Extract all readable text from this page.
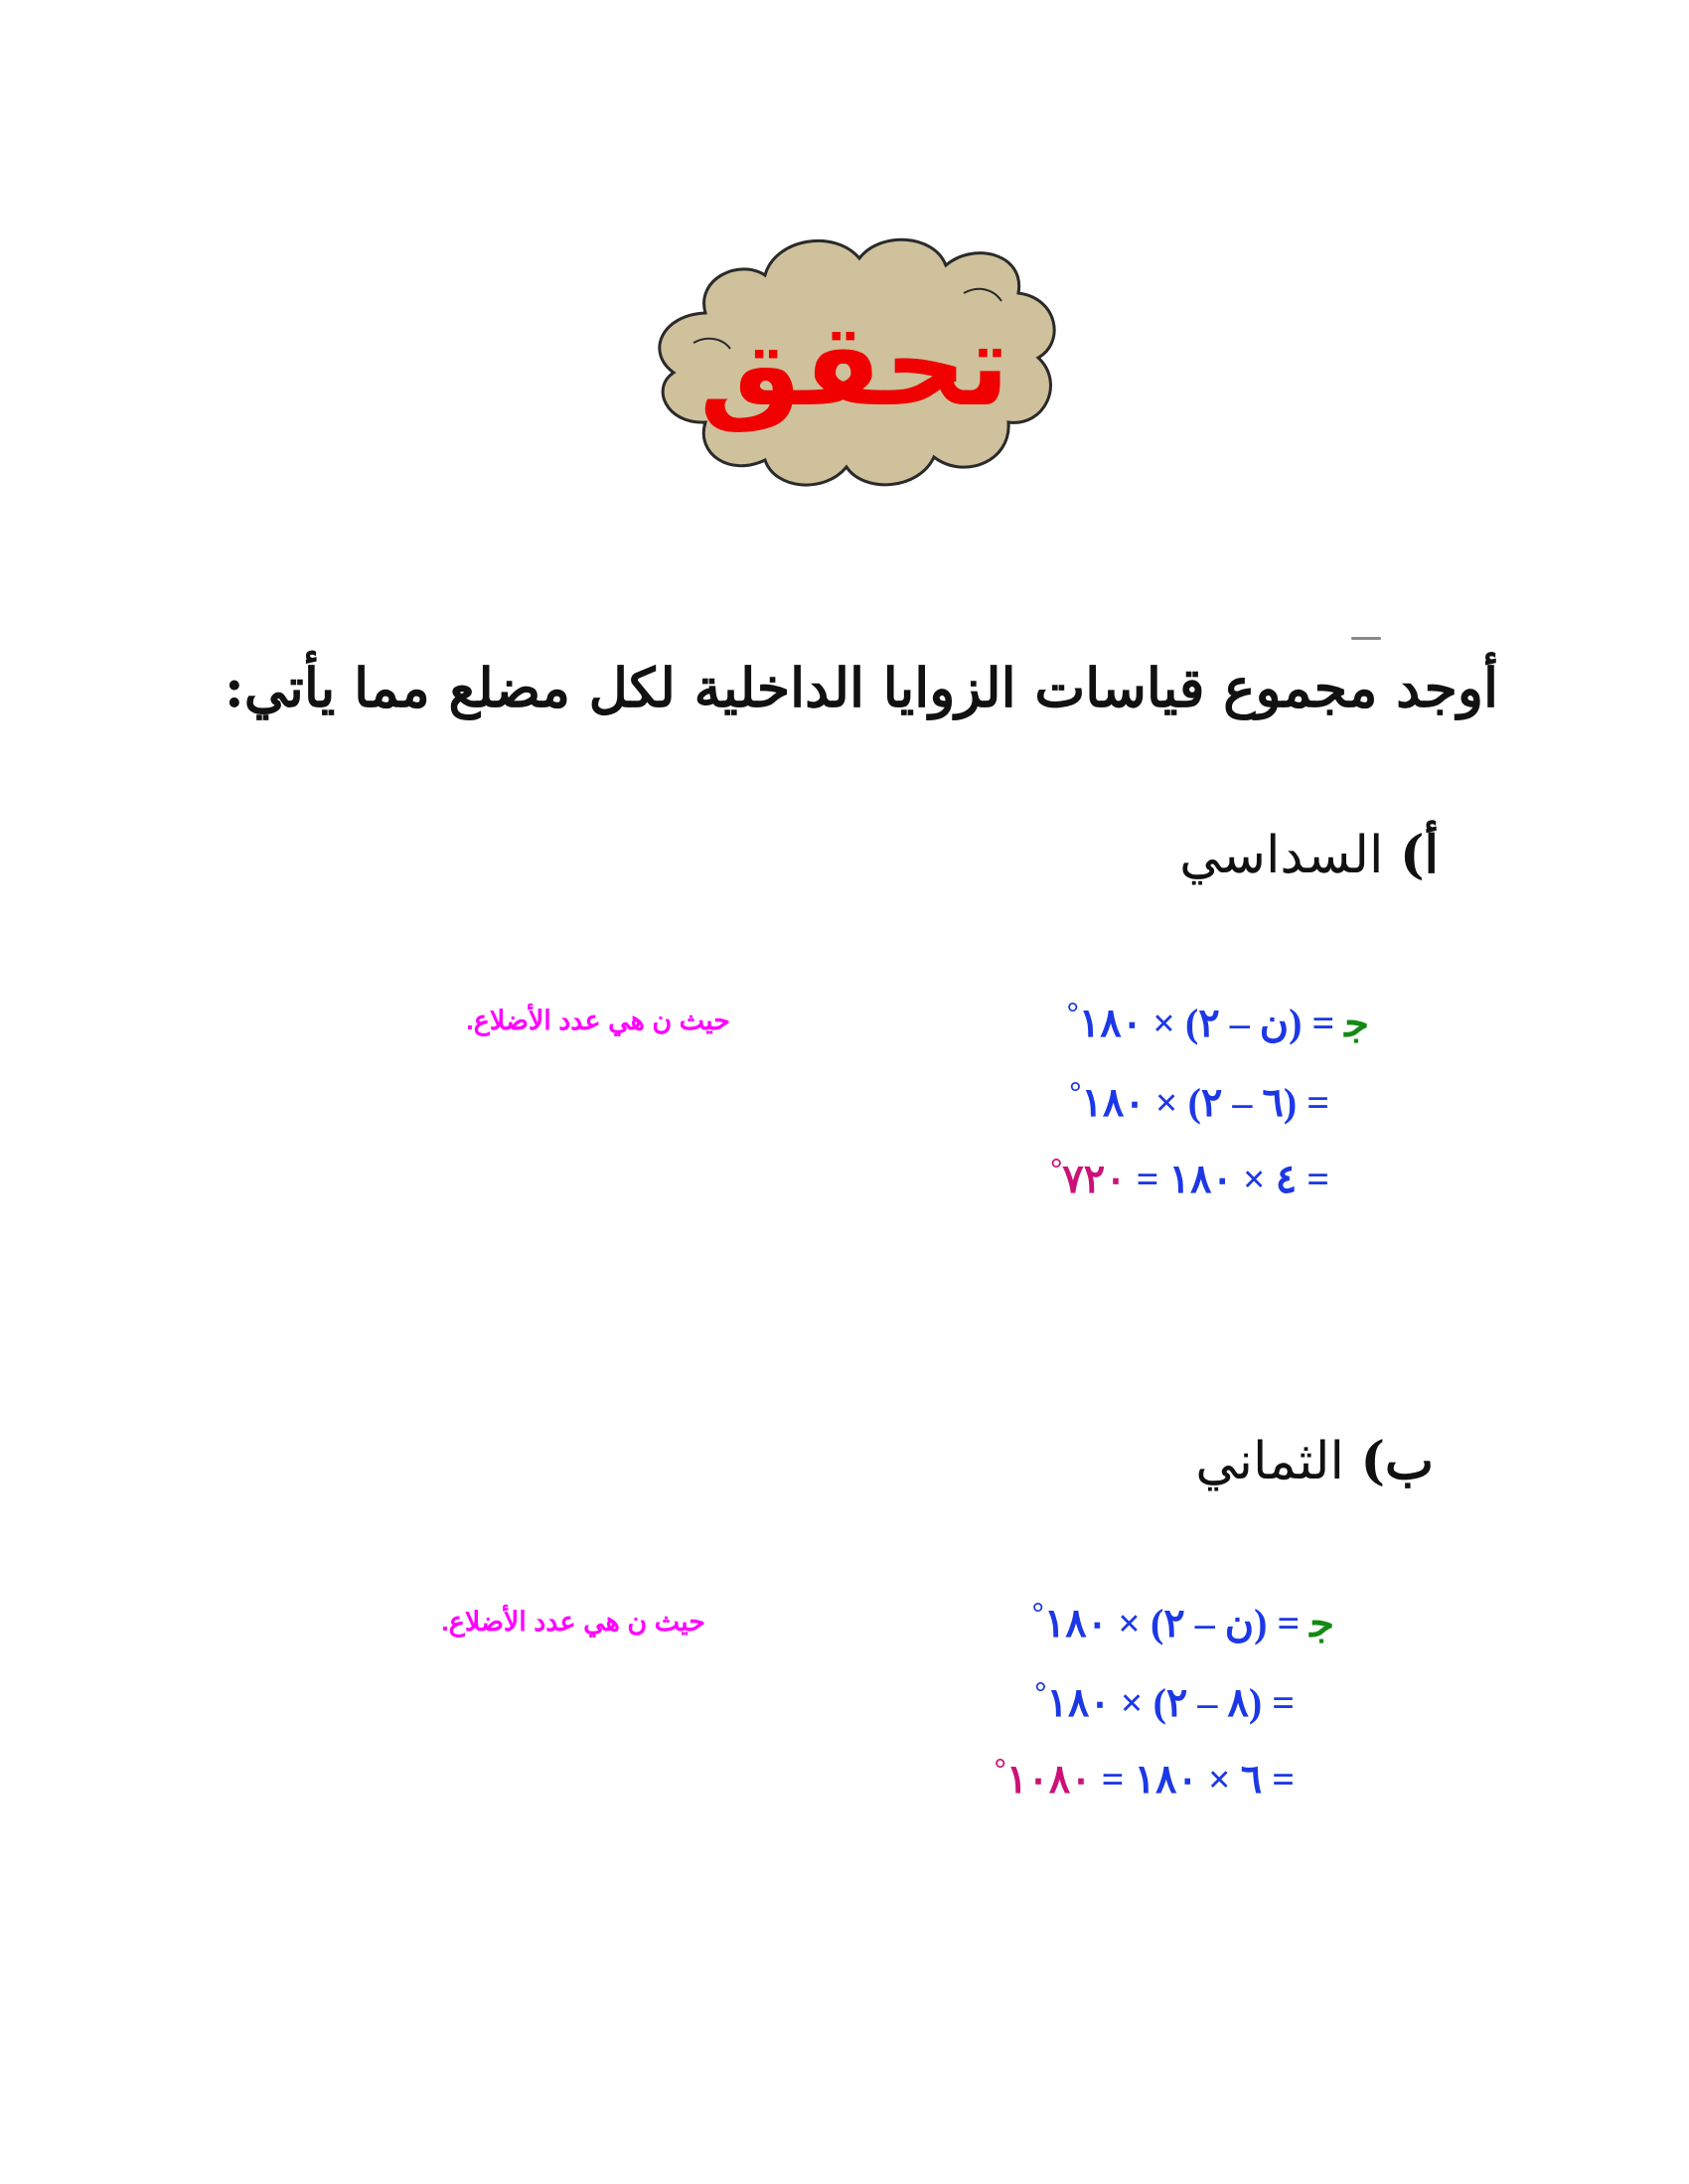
تحقق
أوجد مجموع قياسات الزوايا الداخلية لكل مضلع مما يأتي:
أ) السداسي
ﺟ = (ن – ٢) × ١٨٠°
= (٦ – ٢) × ١٨٠°
= ٤ × ١٨٠ = ٧٢٠°
حيث ن هي عدد الأضلاع.
ب) الثماني
ﺟ = (ن – ٢) × ١٨٠°
= (٨ – ٢) × ١٨٠°
= ٦ × ١٨٠ = ١٠٨٠°
حيث ن هي عدد الأضلاع.
